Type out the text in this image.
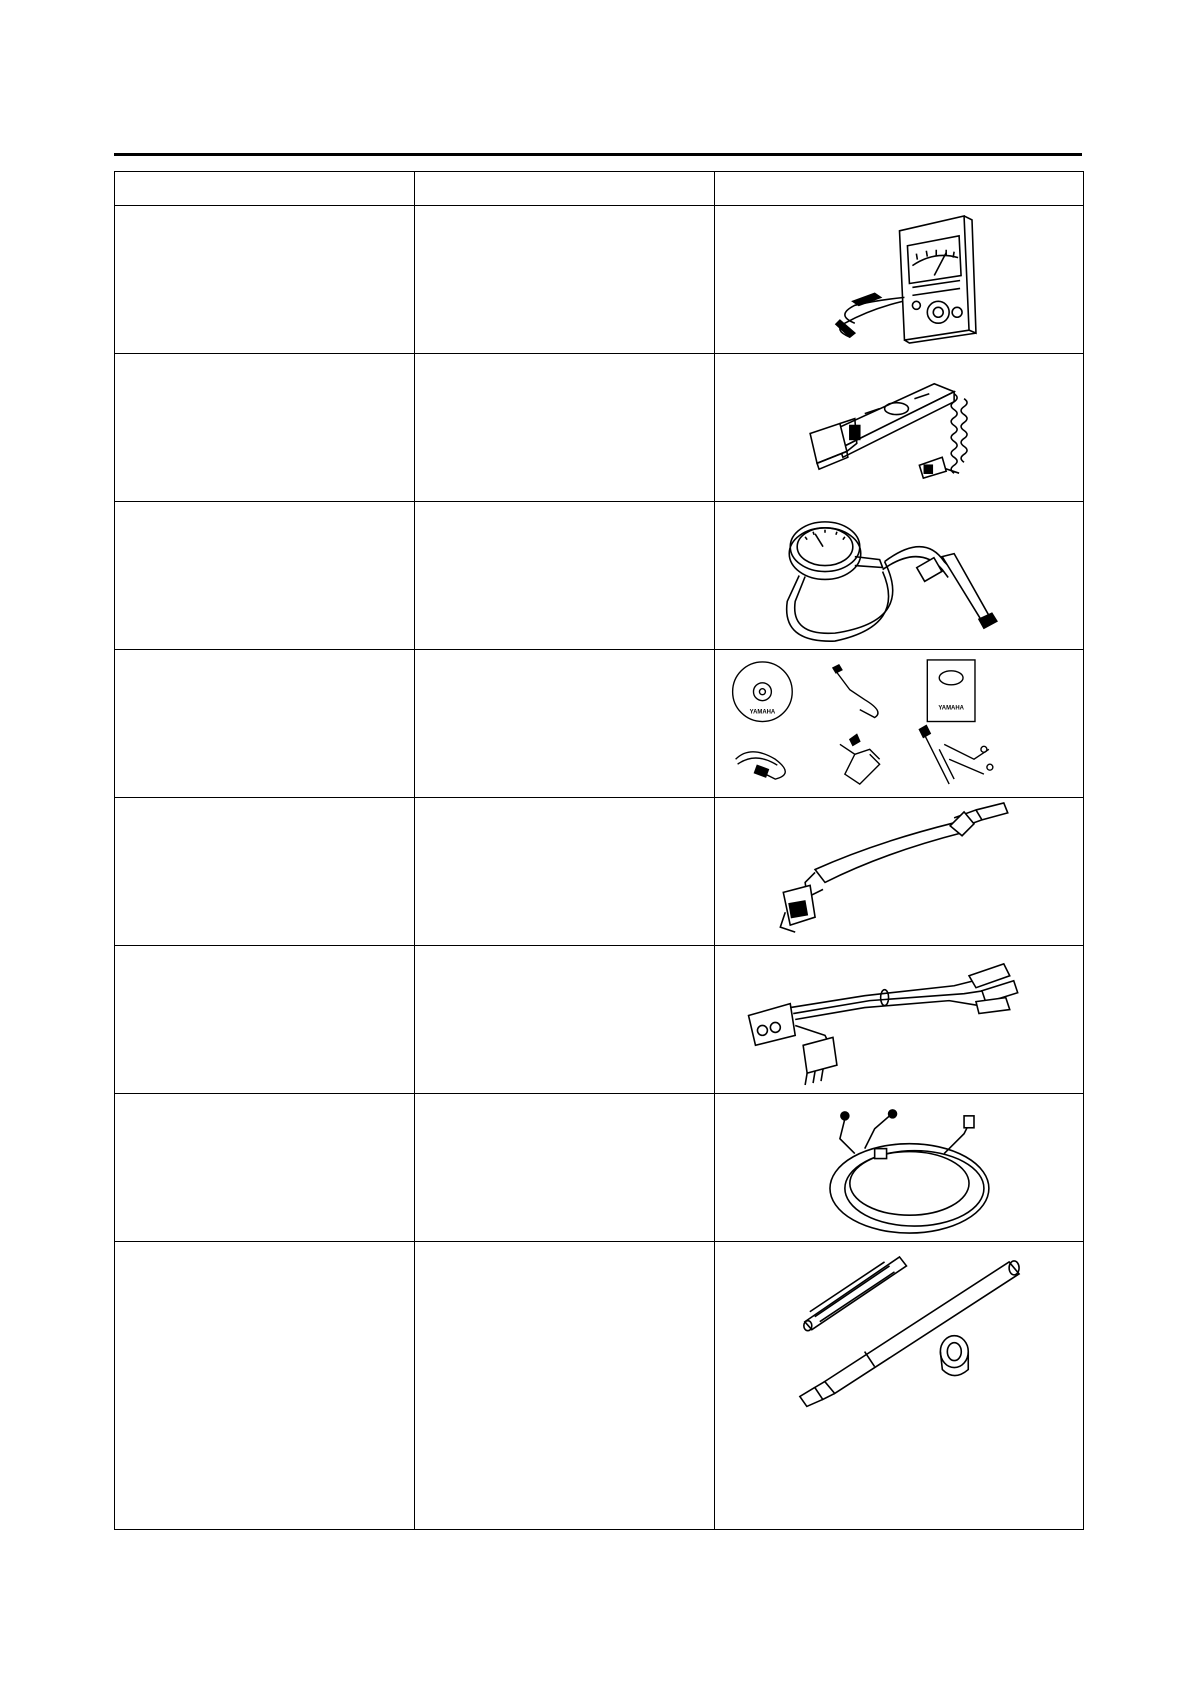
YAMAHA
YAMAHA
